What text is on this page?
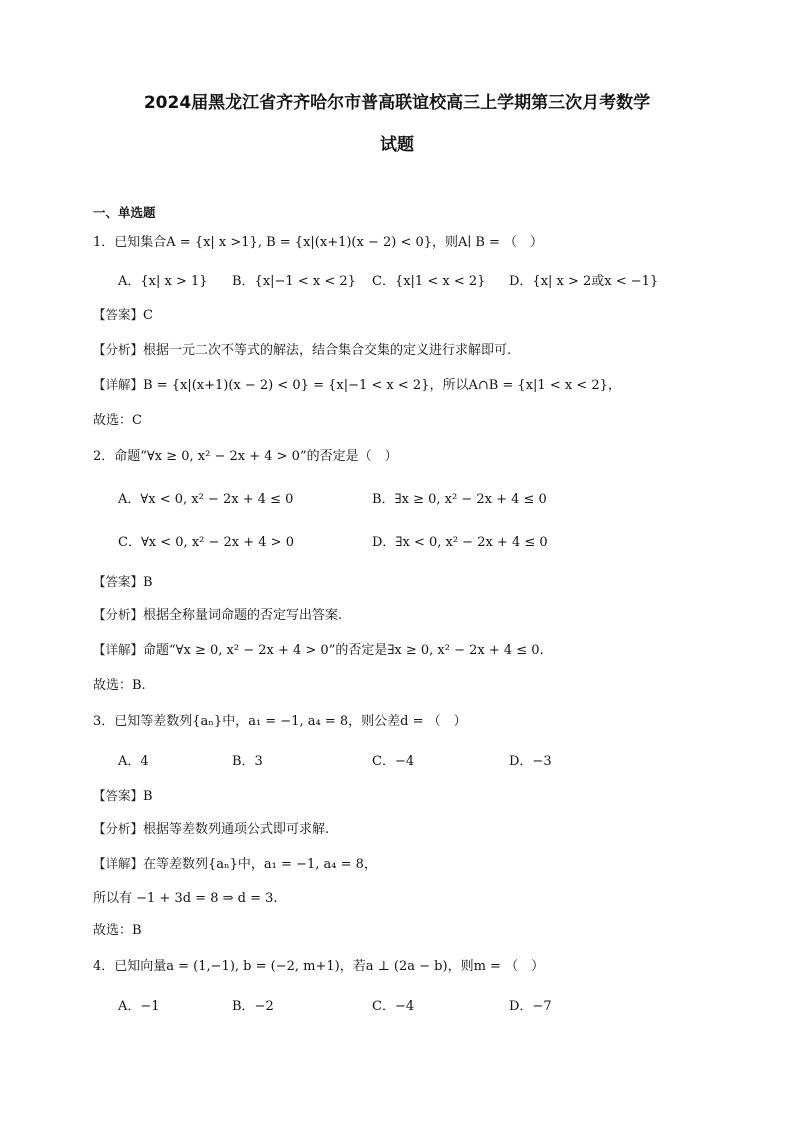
2024届黑龙江省齐齐哈尔市普高联谊校高三上学期第三次月考数学
试题
一、单选题
1．已知集合A = {x| x >1}, B = {x|(x+1)(x − 2) < 0}，则A∣ B = （　）
A．{x| x > 1} B．{x|−1 < x < 2} C．{x|1 < x < 2} D．{x| x > 2或x < −1}
【答案】C
【分析】根据一元二次不等式的解法，结合集合交集的定义进行求解即可.
【详解】B = {x|(x+1)(x − 2) < 0} = {x|−1 < x < 2}，所以A∩B = {x|1 < x < 2}，
故选：C
2．命题“∀x ≥ 0, x² − 2x + 4 > 0”的否定是（　）
A．∀x < 0, x² − 2x + 4 ≤ 0	B．∃x ≥ 0, x² − 2x + 4 ≤ 0
C．∀x < 0, x² − 2x + 4 > 0	D．∃x < 0, x² − 2x + 4 ≤ 0
【答案】B
【分析】根据全称量词命题的否定写出答案.
【详解】命题“∀x ≥ 0, x² − 2x + 4 > 0”的否定是∃x ≥ 0, x² − 2x + 4 ≤ 0.
故选：B.
3．已知等差数列{aₙ}中，a₁ = −1, a₄ = 8，则公差d = （　）
A．4	B．3	C．−4	D．−3
【答案】B
【分析】根据等差数列通项公式即可求解.
【详解】在等差数列{aₙ}中，a₁ = −1, a₄ = 8，
所以有 −1 + 3d = 8 ⇒ d = 3.
故选：B
4．已知向量a = (1,−1), b = (−2, m+1)，若a ⊥ (2a − b)，则m = （　）
A．−1	B．−2	C．−4	D．−7
